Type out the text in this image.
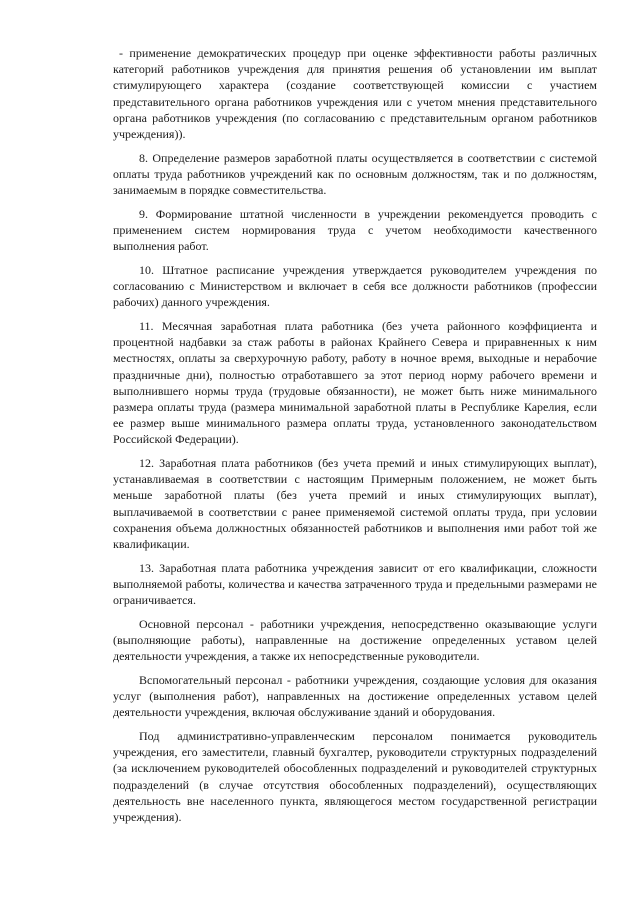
- применение демократических процедур при оценке эффективности работы различных категорий работников учреждения для принятия решения об установлении им выплат стимулирующего характера (создание соответствующей комиссии с участием представительного органа работников учреждения или с учетом мнения представительного органа работников учреждения (по согласованию с представительным органом работников учреждения)).

8. Определение размеров заработной платы осуществляется в соответствии с системой оплаты труда работников учреждений как по основным должностям, так и по должностям, занимаемым в порядке совместительства.

9. Формирование штатной численности в учреждении рекомендуется проводить с применением систем нормирования труда с учетом необходимости качественного выполнения работ.

10. Штатное расписание учреждения утверждается руководителем учреждения по согласованию с Министерством и включает в себя все должности работников (профессии рабочих) данного учреждения.

11. Месячная заработная плата работника (без учета районного коэффициента и процентной надбавки за стаж работы в районах Крайнего Севера и приравненных к ним местностях, оплаты за сверхурочную работу, работу в ночное время, выходные и нерабочие праздничные дни), полностью отработавшего за этот период норму рабочего времени и выполнившего нормы труда (трудовые обязанности), не может быть ниже минимального размера оплаты труда (размера минимальной заработной платы в Республике Карелия, если ее размер выше минимального размера оплаты труда, установленного законодательством Российской Федерации).

12. Заработная плата работников (без учета премий и иных стимулирующих выплат), устанавливаемая в соответствии с настоящим Примерным положением, не может быть меньше заработной платы (без учета премий и иных стимулирующих выплат), выплачиваемой в соответствии с ранее применяемой системой оплаты труда, при условии сохранения объема должностных обязанностей работников и выполнения ими работ той же квалификации.

13. Заработная плата работника учреждения зависит от его квалификации, сложности выполняемой работы, количества и качества затраченного труда и предельными размерами не ограничивается.

Основной персонал - работники учреждения, непосредственно оказывающие услуги (выполняющие работы), направленные на достижение определенных уставом целей деятельности учреждения, а также их непосредственные руководители.

Вспомогательный персонал - работники учреждения, создающие условия для оказания услуг (выполнения работ), направленных на достижение определенных уставом целей деятельности учреждения, включая обслуживание зданий и оборудования.

Под административно-управленческим персоналом понимается руководитель учреждения, его заместители, главный бухгалтер, руководители структурных подразделений (за исключением руководителей обособленных подразделений и руководителей структурных подразделений (в случае отсутствия обособленных подразделений), осуществляющих деятельность вне населенного пункта, являющегося местом государственной регистрации учреждения).
